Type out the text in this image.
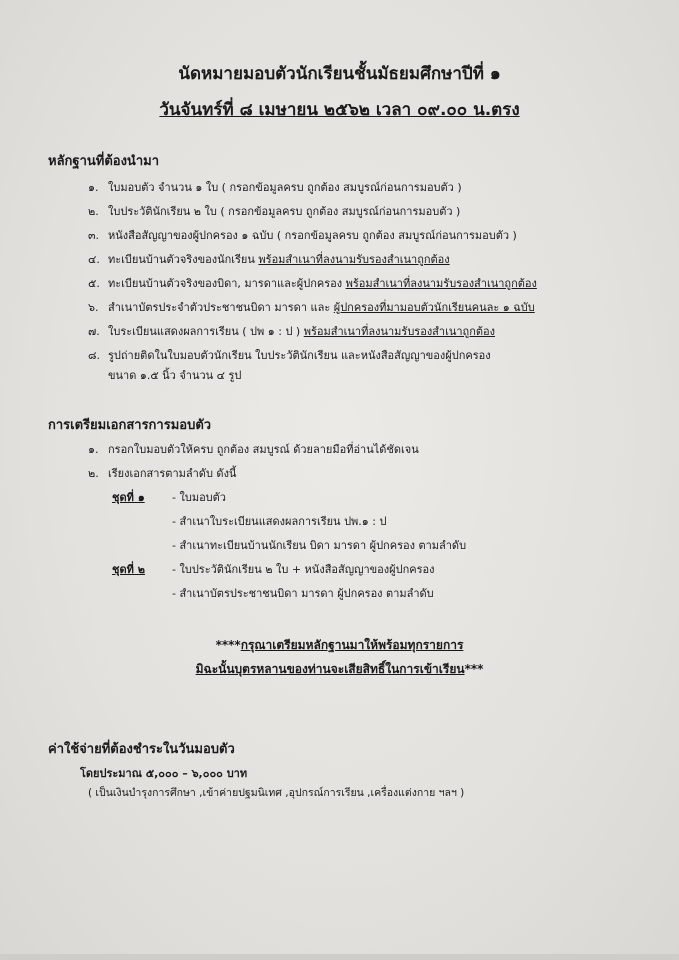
นัดหมายมอบตัวนักเรียนชั้นมัธยมศึกษาปีที่ ๑
วันจันทร์ที่ ๘ เมษายน ๒๕๖๒ เวลา ๐๙.๐๐ น.ตรง
หลักฐานที่ต้องนำมา
๑. ใบมอบตัว จำนวน ๑ ใบ ( กรอกข้อมูลครบ ถูกต้อง สมบูรณ์ก่อนการมอบตัว )
๒. ใบประวัตินักเรียน ๒ ใบ ( กรอกข้อมูลครบ ถูกต้อง สมบูรณ์ก่อนการมอบตัว )
๓. หนังสือสัญญาของผู้ปกครอง ๑ ฉบับ ( กรอกข้อมูลครบ ถูกต้อง สมบูรณ์ก่อนการมอบตัว )
๔. ทะเบียนบ้านตัวจริงของนักเรียน พร้อมสำเนาที่ลงนามรับรองสำเนาถูกต้อง
๕. ทะเบียนบ้านตัวจริงของบิดา, มารดาและผู้ปกครอง พร้อมสำเนาที่ลงนามรับรองสำเนาถูกต้อง
๖. สำเนาบัตรประจำตัวประชาชนบิดา มารดา และ ผู้ปกครองที่มามอบตัวนักเรียนคนละ ๑ ฉบับ
๗. ใบระเบียนแสดงผลการเรียน ( ปพ ๑ : ป ) พร้อมสำเนาที่ลงนามรับรองสำเนาถูกต้อง
๘. รูปถ่ายติดในใบมอบตัวนักเรียน ใบประวัตินักเรียน และหนังสือสัญญาของผู้ปกครอง
ขนาด ๑.๕ นิ้ว จำนวน ๔ รูป
การเตรียมเอกสารการมอบตัว
๑. กรอกใบมอบตัวให้ครบ ถูกต้อง สมบูรณ์ ด้วยลายมือที่อ่านได้ชัดเจน
๒. เรียงเอกสารตามลำดับ ดังนี้
ชุดที่ ๑ - ใบมอบตัว
- สำเนาใบระเบียนแสดงผลการเรียน ปพ.๑ : ป
- สำเนาทะเบียนบ้านนักเรียน บิดา มารดา ผู้ปกครอง ตามลำดับ
ชุดที่ ๒ - ใบประวัตินักเรียน ๒ ใบ + หนังสือสัญญาของผู้ปกครอง
- สำเนาบัตรประชาชนบิดา มารดา ผู้ปกครอง ตามลำดับ
****กรุณาเตรียมหลักฐานมาให้พร้อมทุกรายการ
มิฉะนั้นบุตรหลานของท่านจะเสียสิทธิ์ในการเข้าเรียน***
ค่าใช้จ่ายที่ต้องชำระในวันมอบตัว
โดยประมาณ ๕,๐๐๐ – ๖,๐๐๐ บาท
( เป็นเงินบำรุงการศึกษา ,เข้าค่ายปฐมนิเทศ ,อุปกรณ์การเรียน ,เครื่องแต่งกาย ฯลฯ )
